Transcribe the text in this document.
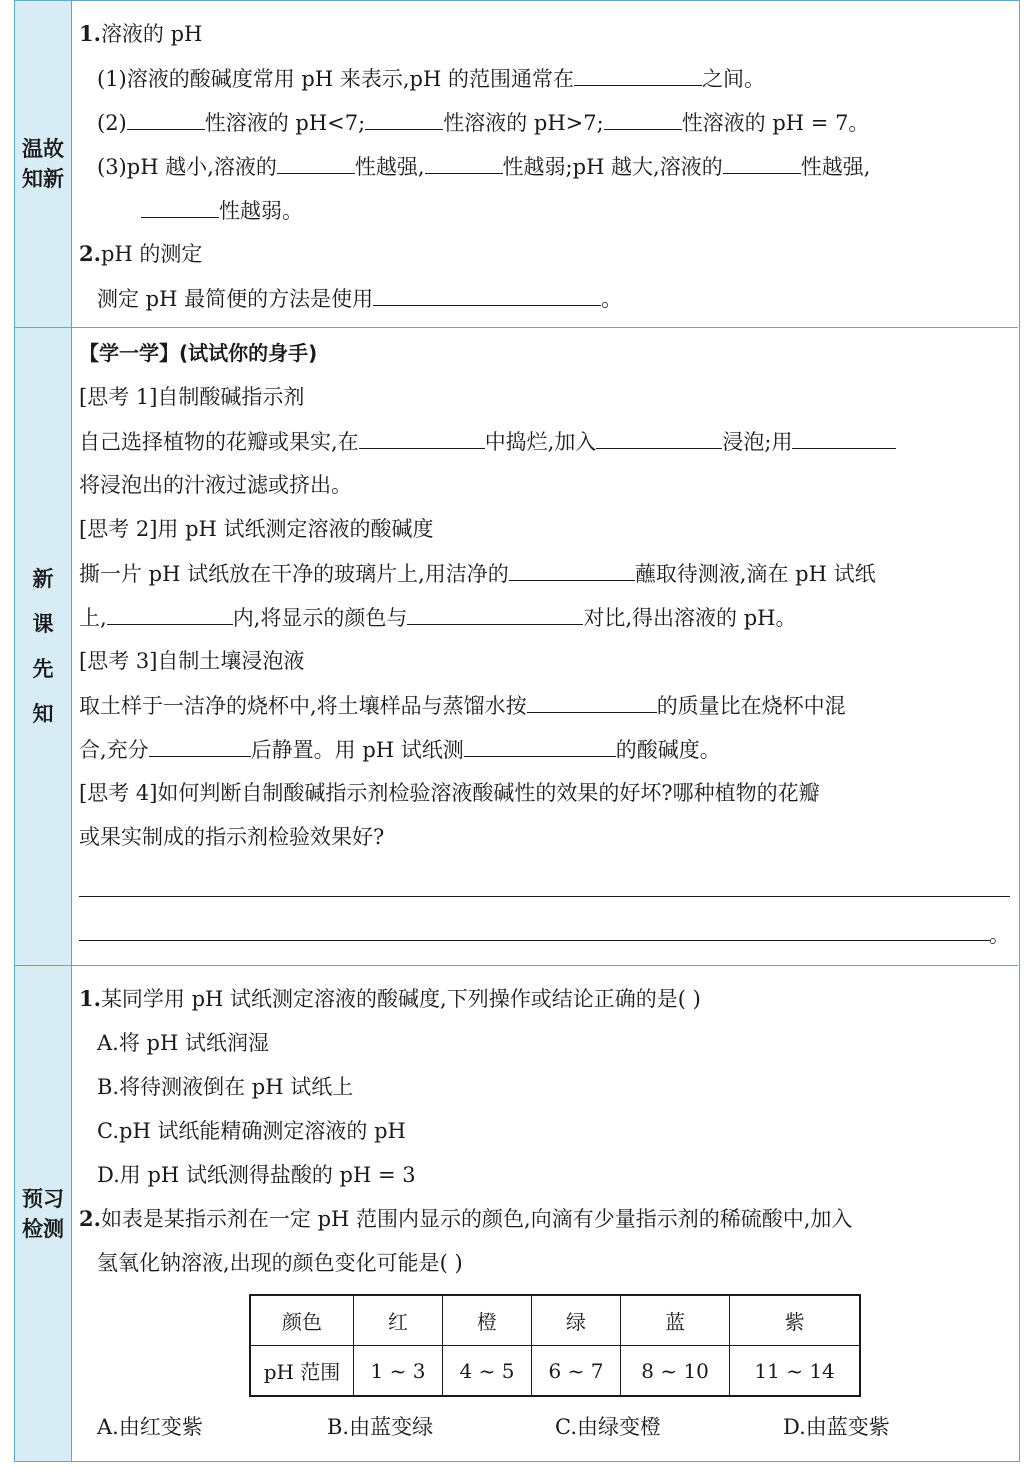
温故
知新
1.溶液的 pH
(1)溶液的酸碱度常用 pH 来表示,pH 的范围通常在	之间。
(2)	性溶液的 pH<7;	性溶液的 pH>7;	性溶液的 pH = 7。
(3)pH 越小,溶液的	性越强,	性越弱;pH 越大,溶液的	性越强,
性越弱。
2.pH 的测定
测定 pH 最简便的方法是使用	。
新
课
先
知
【学一学】(试试你的身手)
[思考 1]自制酸碱指示剂
自己选择植物的花瓣或果实,在	中捣烂,加入	浸泡;用
将浸泡出的汁液过滤或挤出。
[思考 2]用 pH 试纸测定溶液的酸碱度
撕一片 pH 试纸放在干净的玻璃片上,用洁净的	蘸取待测液,滴在 pH 试纸
上,	内,将显示的颜色与	对比,得出溶液的 pH。
[思考 3]自制土壤浸泡液
取土样于一洁净的烧杯中,将土壤样品与蒸馏水按	的质量比在烧杯中混
合,充分	后静置。用 pH 试纸测	的酸碱度。
[思考 4]如何判断自制酸碱指示剂检验溶液酸碱性的效果的好坏?哪种植物的花瓣
或果实制成的指示剂检验效果好?
。
预习
检测
1.某同学用 pH 试纸测定溶液的酸碱度,下列操作或结论正确的是( )
A.将 pH 试纸润湿
B.将待测液倒在 pH 试纸上
C.pH 试纸能精确测定溶液的 pH
D.用 pH 试纸测得盐酸的 pH = 3
2.如表是某指示剂在一定 pH 范围内显示的颜色,向滴有少量指示剂的稀硫酸中,加入
氢氧化钠溶液,出现的颜色变化可能是( )
颜色	红	橙	绿	蓝	紫
pH 范围	1 ~ 3	4 ~ 5	6 ~ 7	8 ~ 10	11 ~ 14
A.由红变紫	B.由蓝变绿	C.由绿变橙	D.由蓝变紫
